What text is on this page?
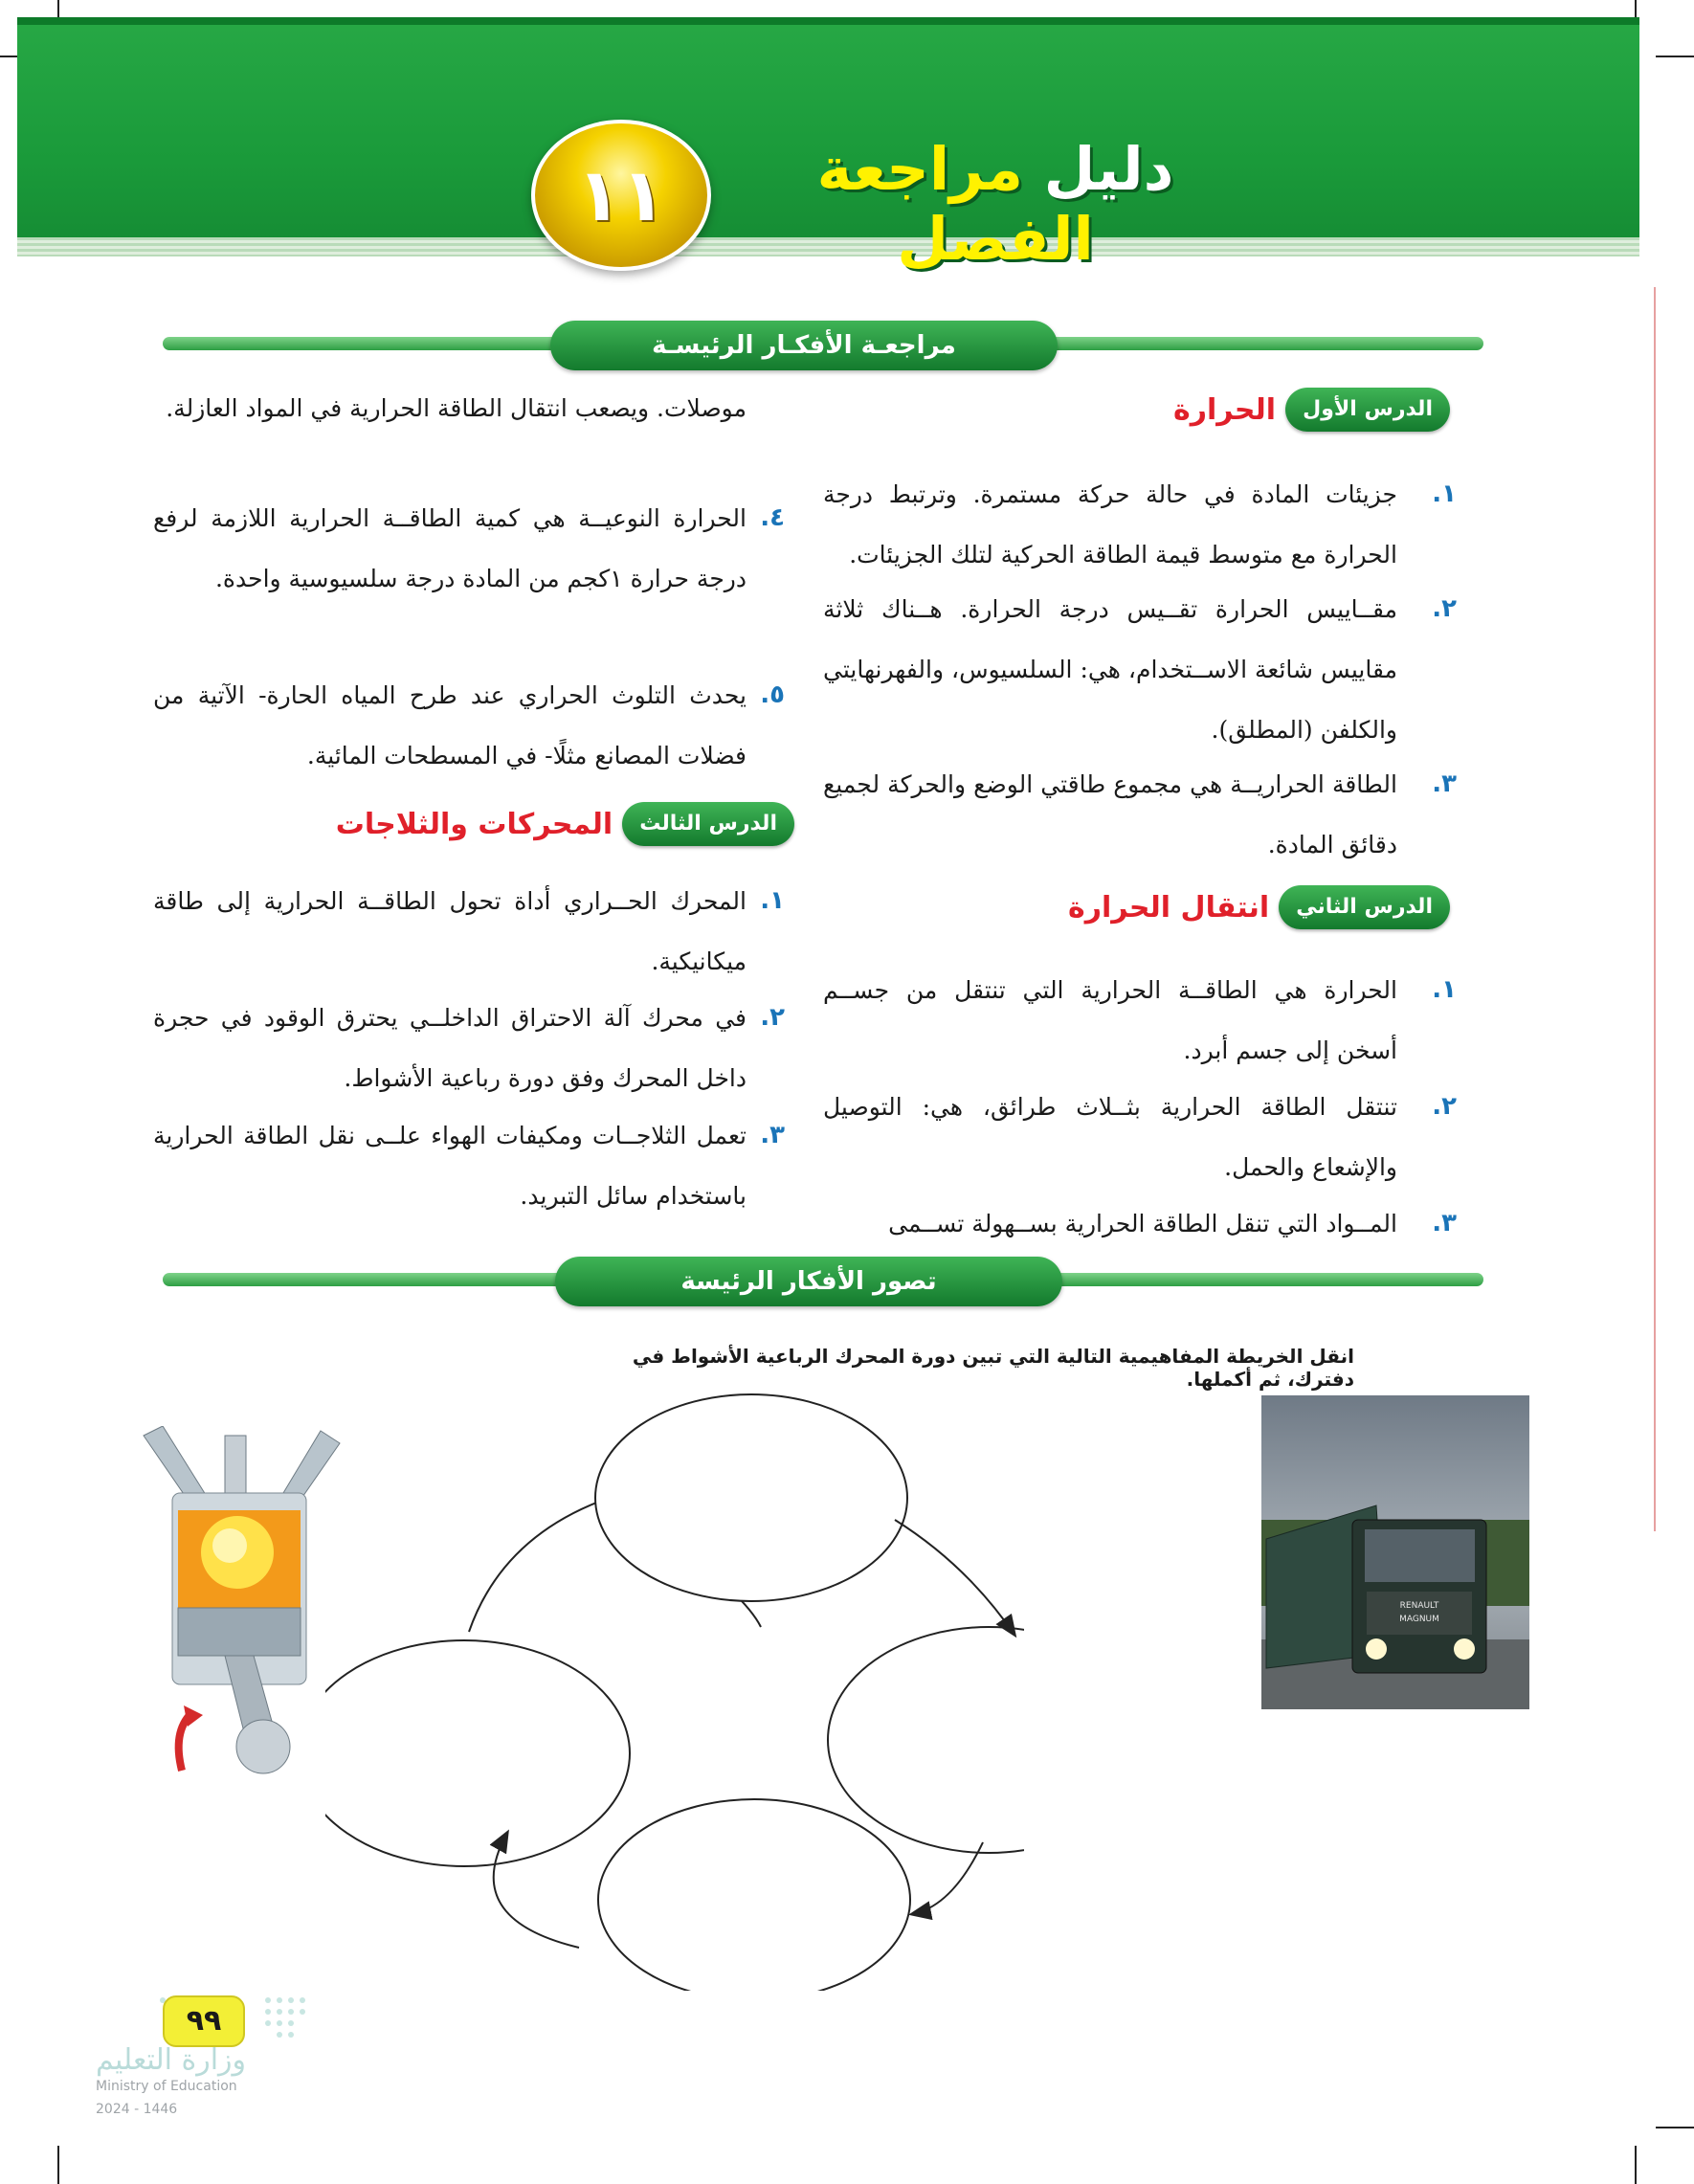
١١	دليل مراجعة الفصل
مراجعـة الأفكـار الرئيسـة
الدرس الأولالحرارة
١.
جزيئات المادة في حالة حركة مستمرة. وترتبط درجة الحرارة مع متوسط قيمة الطاقة الحركية لتلك الجزيئات.
٢.
مقــاييس الحرارة تقــيس درجة الحرارة. هــناك ثلاثة مقاييس شائعة الاســتخدام، هي: السلسيوس، والفهرنهايتي والكلفن (المطلق).
٣.
الطاقة الحراريــة هي مجموع طاقتي الوضع والحركة لجميع دقائق المادة.
الدرس الثانيانتقال الحرارة
١.
الحرارة هي الطاقــة الحرارية التي تنتقل من جســم أسخن إلى جسم أبرد.
٢.
تنتقل الطاقة الحرارية بثــلاث طرائق، هي: التوصيل والإشعاع والحمل.
٣.
المــواد التي تنقل الطاقة الحرارية بســهولة تســمى
موصلات. ويصعب انتقال الطاقة الحرارية في المواد العازلة.
٤.
الحرارة النوعيــة هي كمية الطاقــة الحرارية اللازمة لرفع درجة حرارة ١كجم من المادة درجة سلسيوسية واحدة.
٥.
يحدث التلوث الحراري عند طرح المياه الحارة- الآتية من فضلات المصانع مثلًا- في المسطحات المائية.
الدرس الثالثالمحركات والثلاجات
١.
المحرك الحــراري أداة تحول الطاقــة الحرارية إلى طاقة ميكانيكية.
٢.
في محرك آلة الاحتراق الداخلــي يحترق الوقود في حجرة داخل المحرك وفق دورة رباعية الأشواط.
٣.
تعمل الثلاجــات ومكيفات الهواء علــى نقل الطاقة الحرارية باستخدام سائل التبريد.
تصور الأفكار الرئيسة
انقل الخريطة المفاهيمية التالية التي تبين دورة المحرك الرباعية الأشواط في دفترك، ثم أكملها.
RENAULT
MAGNUM
٩٩
وزارة التعليم
Ministry of Education
2024 - 1446
